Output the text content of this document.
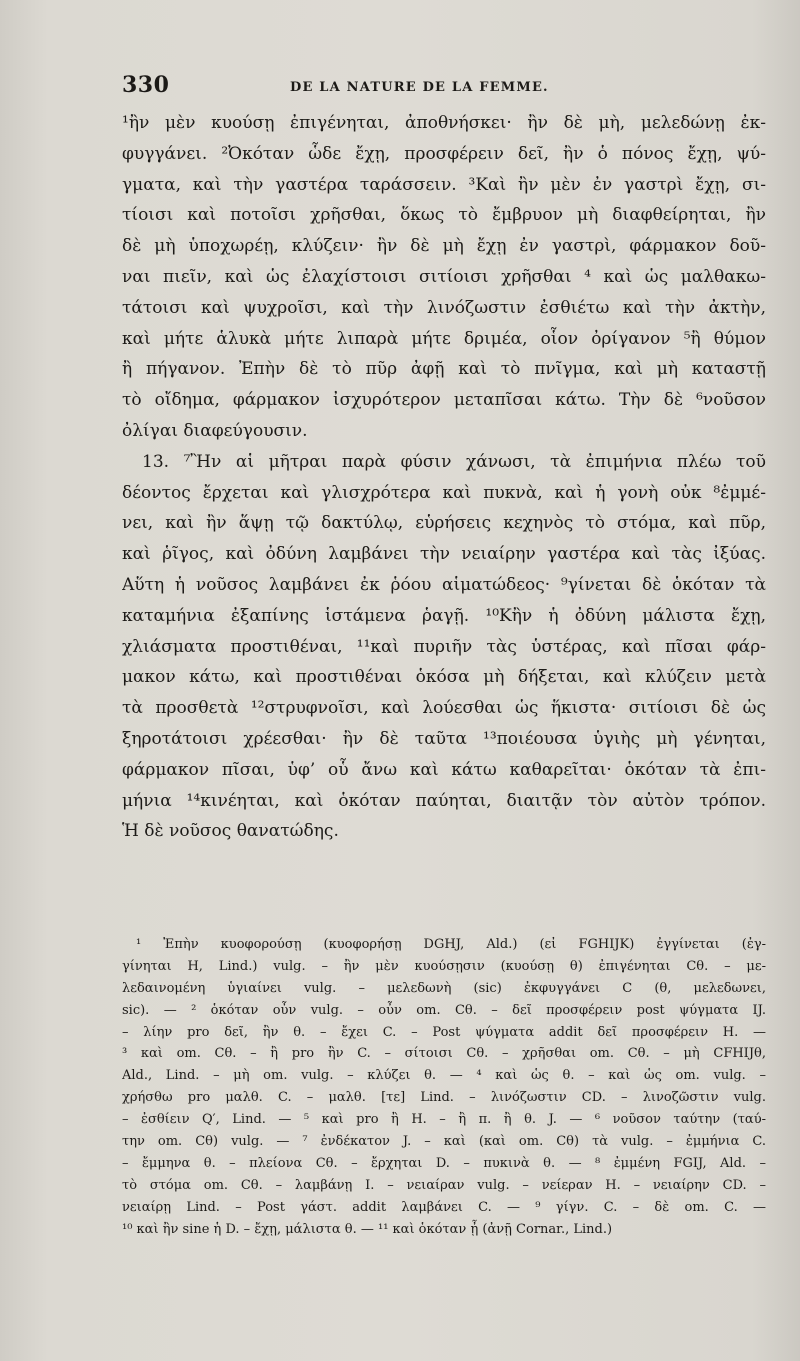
330	DE LA NATURE DE LA FEMME.
¹ἢν μὲν κυούσῃ ἐπιγένηται, ἀποθνήσκει· ἢν δὲ μὴ, μελεδώνῃ ἐκ-
φυγγάνει. ²Ὀκόταν ὧδε ἔχῃ, προσφέρειν δεῖ, ἢν ὁ πόνος ἔχῃ, ψύ-
γματα, καὶ τὴν γαστέρα ταράσσειν. ³Καὶ ἢν μὲν ἐν γαστρὶ ἔχῃ, σι-
τίοισι καὶ ποτοῖσι χρῆσθαι, ὅκως τὸ ἔμβρυον μὴ διαφθείρηται, ἢν
δὲ μὴ ὑποχωρέῃ, κλύζειν· ἢν δὲ μὴ ἔχῃ ἐν γαστρὶ, φάρμακον δοῦ-
ναι πιεῖν, καὶ ὡς ἐλαχίστοισι σιτίοισι χρῆσθαι ⁴ καὶ ὡς μαλθακω-
τάτοισι καὶ ψυχροῖσι, καὶ τὴν λινόζωστιν ἐσθιέτω καὶ τὴν ἀκτὴν,
καὶ μήτε ἁλυκὰ μήτε λιπαρὰ μήτε δριμέα, οἷον ὀρίγανον ⁵ἢ θύμον
ἢ πήγανον. Ἐπὴν δὲ τὸ πῦρ ἀφῇ καὶ τὸ πνῖγμα, καὶ μὴ καταστῇ
τὸ οἴδημα, φάρμακον ἰσχυρότερον μεταπῖσαι κάτω. Τὴν δὲ ⁶νοῦσον
ὀλίγαι διαφεύγουσιν.
13. ⁷Ἢν αἱ μῆτραι παρὰ φύσιν χάνωσι, τὰ ἐπιμήνια πλέω τοῦ
δέοντος ἔρχεται καὶ γλισχρότερα καὶ πυκνὰ, καὶ ἡ γονὴ οὐκ ⁸ἐμμέ-
νει, καὶ ἢν ἅψῃ τῷ δακτύλῳ, εὑρήσεις κεχηνὸς τὸ στόμα, καὶ πῦρ,
καὶ ῥῖγος, καὶ ὀδύνη λαμβάνει τὴν νειαίρην γαστέρα καὶ τὰς ἰξύας.
Αὕτη ἡ νοῦσος λαμβάνει ἐκ ῥόου αἱματώδεος· ⁹γίνεται δὲ ὁκόταν τὰ
καταμήνια ἐξαπίνης ἱστάμενα ῥαγῇ. ¹⁰Κἢν ἡ ὀδύνη μάλιστα ἔχῃ,
χλιάσματα προστιθέναι, ¹¹καὶ πυριῆν τὰς ὑστέρας, καὶ πῖσαι φάρ-
μακον κάτω, καὶ προστιθέναι ὁκόσα μὴ δήξεται, καὶ κλύζειν μετὰ
τὰ προσθετὰ ¹²στρυφνοῖσι, καὶ λούεσθαι ὡς ἥκιστα· σιτίοισι δὲ ὡς
ξηροτάτοισι χρέεσθαι· ἢν δὲ ταῦτα ¹³ποιέουσα ὑγιὴς μὴ γένηται,
φάρμακον πῖσαι, ὑφ’ οὗ ἄνω καὶ κάτω καθαρεῖται· ὁκόταν τὰ ἐπι-
μήνια ¹⁴κινέηται, καὶ ὁκόταν παύηται, διαιτᾷν τὸν αὐτὸν τρόπον.
Ἡ δὲ νοῦσος θανατώδης.
¹ Ἐπὴν κυοφορούσῃ (κυοφορήσῃ DGHJ, Ald.) (εἰ FGHIJK) ἐγγίνεται (ἐγ-
γίνηται H, Lind.) vulg. – ἢν μὲν κυούσῃσιν (κυούσῃ θ) ἐπιγένηται Cθ. – με-
λεδαινομένη ὑγιαίνει vulg. – μελεδωνὴ (sic) ἐκφυγγάνει C (θ, μελεδωνει,
sic). — ² ὁκόταν οὖν vulg. – οὖν om. Cθ. – δεῖ προσφέρειν post ψύγματα IJ.
– λίην pro δεῖ, ἢν θ. – ἔχει C. – Post ψύγματα addit δεῖ προσφέρειν H. —
³ καὶ om. Cθ. – ἢ pro ἢν C. – σίτοισι Cθ. – χρῆσθαι om. Cθ. – μὴ CFHIJθ,
Ald., Lind. – μὴ om. vulg. – κλύζει θ. — ⁴ καὶ ὡς θ. – καὶ ὡς om. vulg. –
χρήσθω pro μαλθ. C. – μαλθ. [τε] Lind. – λινόζωστιν CD. – λινοζῶστιν vulg.
– ἐσθίειν Q′, Lind. — ⁵ καὶ pro ἢ H. – ἢ π. ἢ θ. J. — ⁶ νοῦσον ταύτην (ταύ-
την om. Cθ) vulg. — ⁷ ἐνδέκατον J. – καὶ (καὶ om. Cθ) τὰ vulg. – ἐμμήνια C.
– ἔμμηνα θ. – πλείονα Cθ. – ἔρχηται D. – πυκινὰ θ. — ⁸ ἐμμένη FGIJ, Ald. –
τὸ στόμα om. Cθ. – λαμβάνῃ I. – νειαίραν vulg. – νείεραν H. – νειαίρην CD. –
νειαίρῃ Lind. – Post γάστ. addit λαμβάνει C. — ⁹ γίγν. C. – δὲ om. C. —
¹⁰ καὶ ἢν sine ἡ D. – ἔχῃ, μάλιστα θ. — ¹¹ καὶ ὁκόταν ᾖ (ἀνῇ Cornar., Lind.)
